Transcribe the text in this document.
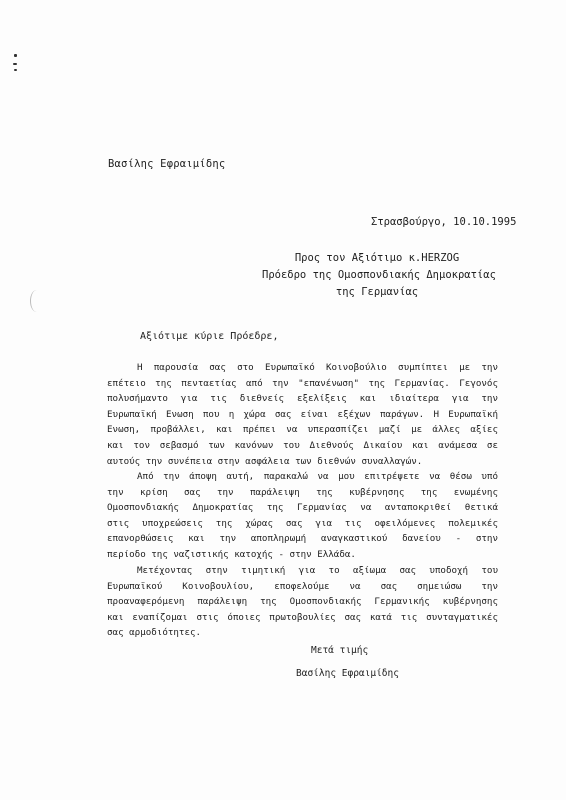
Βασίλης Εφραιμίδης
Στρασβούργο, 10.10.1995
Προς τον Αξιότιμο κ.HERZOG
Πρόεδρο της Ομοσπονδιακής Δημοκρατίας
της Γερμανίας
Αξιότιμε κύριε Πρόεδρε,
Η παρουσία σας στο Ευρωπαϊκό Κοινοβούλιο συμπίπτει με την
επέτειο της πενταετίας από την "επανένωση" της Γερμανίας. Γεγονός
πολυσήμαντο για τις διεθνείς εξελίξεις και ιδιαίτερα για την
Ευρωπαϊκή Ενωση που η χώρα σας είναι εξέχων παράγων. Η Ευρωπαϊκή
Ενωση, προβάλλει, και πρέπει να υπερασπίζει μαζί με άλλες αξίες
και τον σεβασμό των κανόνων του Διεθνούς Δικαίου και ανάμεσα σε
αυτούς την συνέπεια στην ασφάλεια των διεθνών συναλλαγών.
Από την άποψη αυτή, παρακαλώ να μου επιτρέψετε να θέσω υπό
την κρίση σας την παράλειψη της κυβέρνησης της ενωμένης
Ομοσπονδιακής Δημοκρατίας της Γερμανίας να ανταποκριθεί θετικά
στις υποχρεώσεις της χώρας σας για τις οφειλόμενες πολεμικές
επανορθώσεις και την αποπληρωμή αναγκαστικού δανείου - στην
περίοδο της ναζιστικής κατοχής - στην Ελλάδα.
Μετέχοντας στην τιμητική για το αξίωμα σας υποδοχή του
Ευρωπαϊκού Κοινοβουλίου, εποφελούμε να σας σημειώσω την
προαναφερόμενη παράλειψη της Ομοσπονδιακής Γερμανικής κυβέρνησης
και εναπίζομαι στις όποιες πρωτοβουλίες σας κατά τις συνταγματικές
σας αρμοδιότητες.
Μετά τιμής
Βασίλης Εφραιμίδης
